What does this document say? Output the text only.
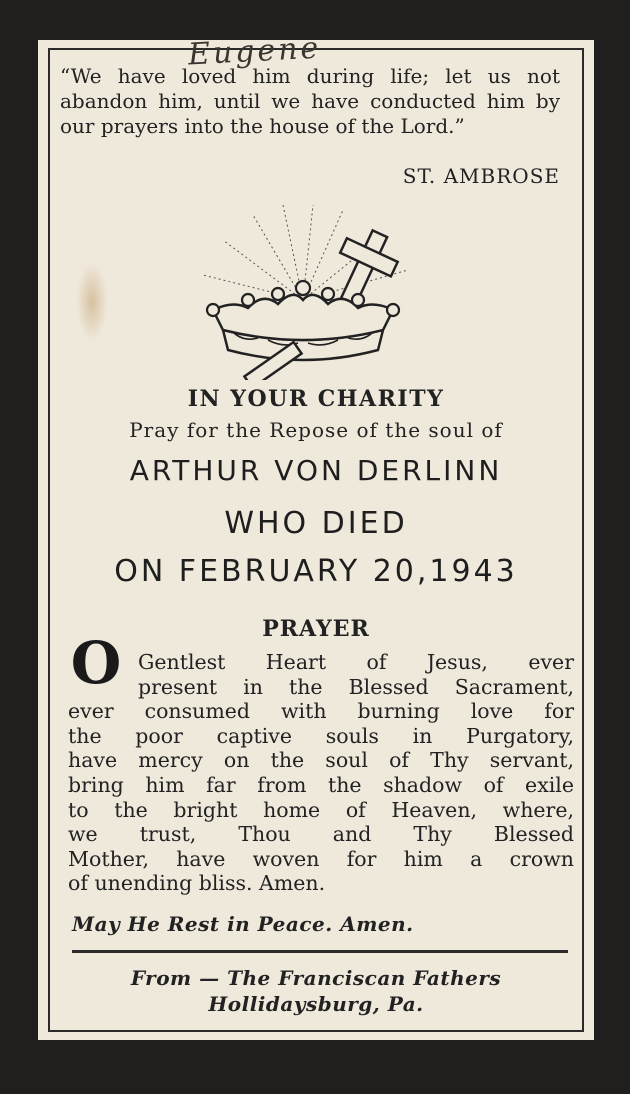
Eugene
“We have loved him during life; let us not abandon him, until we have conducted him by our prayers into the house of the Lord.”
ST. AMBROSE
IN YOUR CHARITY
Pray for the Repose of the soul of
ARTHUR VON DERLINN
WHO DIED
ON FEBRUARY 20,1943
PRAYER
O Gentlest Heart of Jesus, ever
present in the Blessed Sacrament,
ever consumed with burning love for
the poor captive souls in Purgatory,
have mercy on the soul of Thy servant,
bring him far from the shadow of exile
to the bright home of Heaven, where,
we trust, Thou and Thy Blessed
Mother, have woven for him a crown
of unending bliss. Amen.
May He Rest in Peace. Amen.
From — The Franciscan Fathers
Hollidaysburg, Pa.
